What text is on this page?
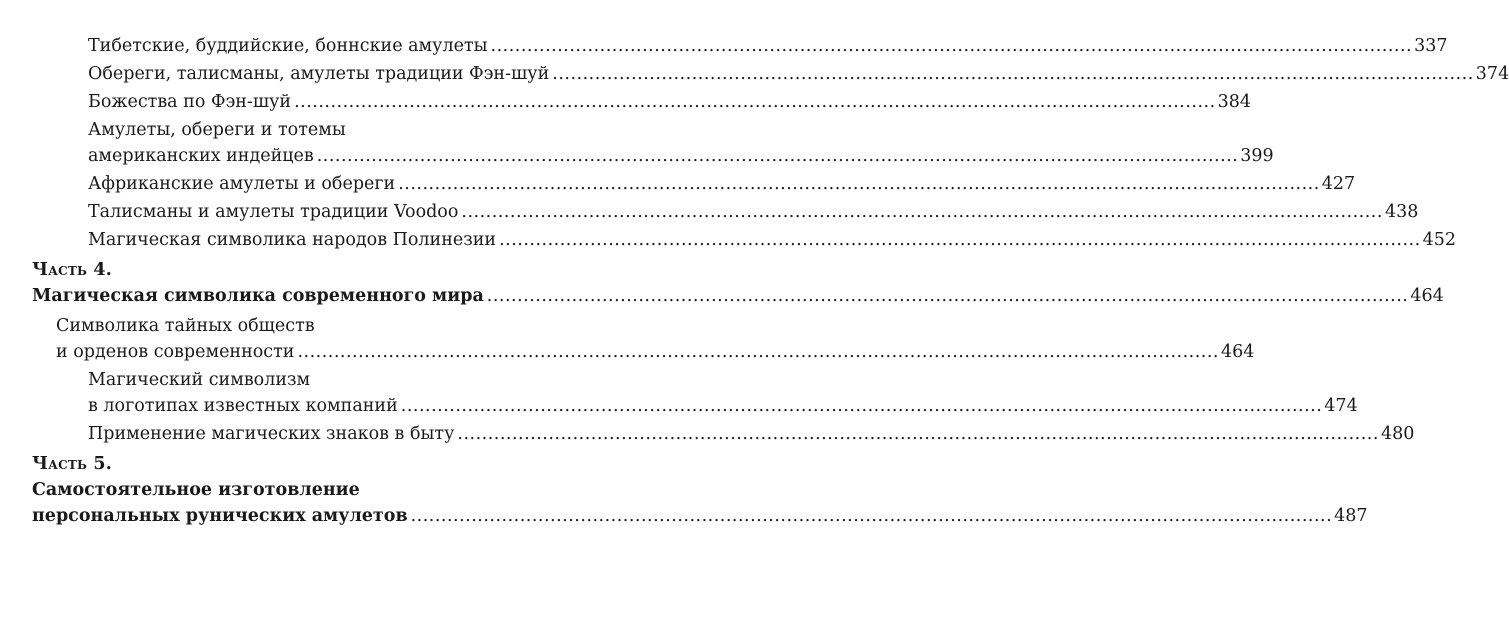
Тибетские, буддийские, боннские амулеты ........................................................................................................................................................ 337
Обереги, талисманы, амулеты традиции Фэн-шуй ........................................................................................................................................................ 374
Божества по Фэн-шуй ........................................................................................................................................................ 384
Амулеты, обереги и тотемы
американских индейцев ........................................................................................................................................................ 399
Африканские амулеты и обереги ........................................................................................................................................................ 427
Талисманы и амулеты традиции Voodoo ........................................................................................................................................................ 438
Магическая символика народов Полинезии ........................................................................................................................................................ 452
Часть 4.
Магическая символика современного мира ........................................................................................................................................................ 464
Символика тайных обществ
и орденов современности ........................................................................................................................................................ 464
Магический символизм
в логотипах известных компаний ........................................................................................................................................................ 474
Применение магических знаков в быту ........................................................................................................................................................ 480
Часть 5.
Самостоятельное изготовление
персональных рунических амулетов ........................................................................................................................................................ 487
